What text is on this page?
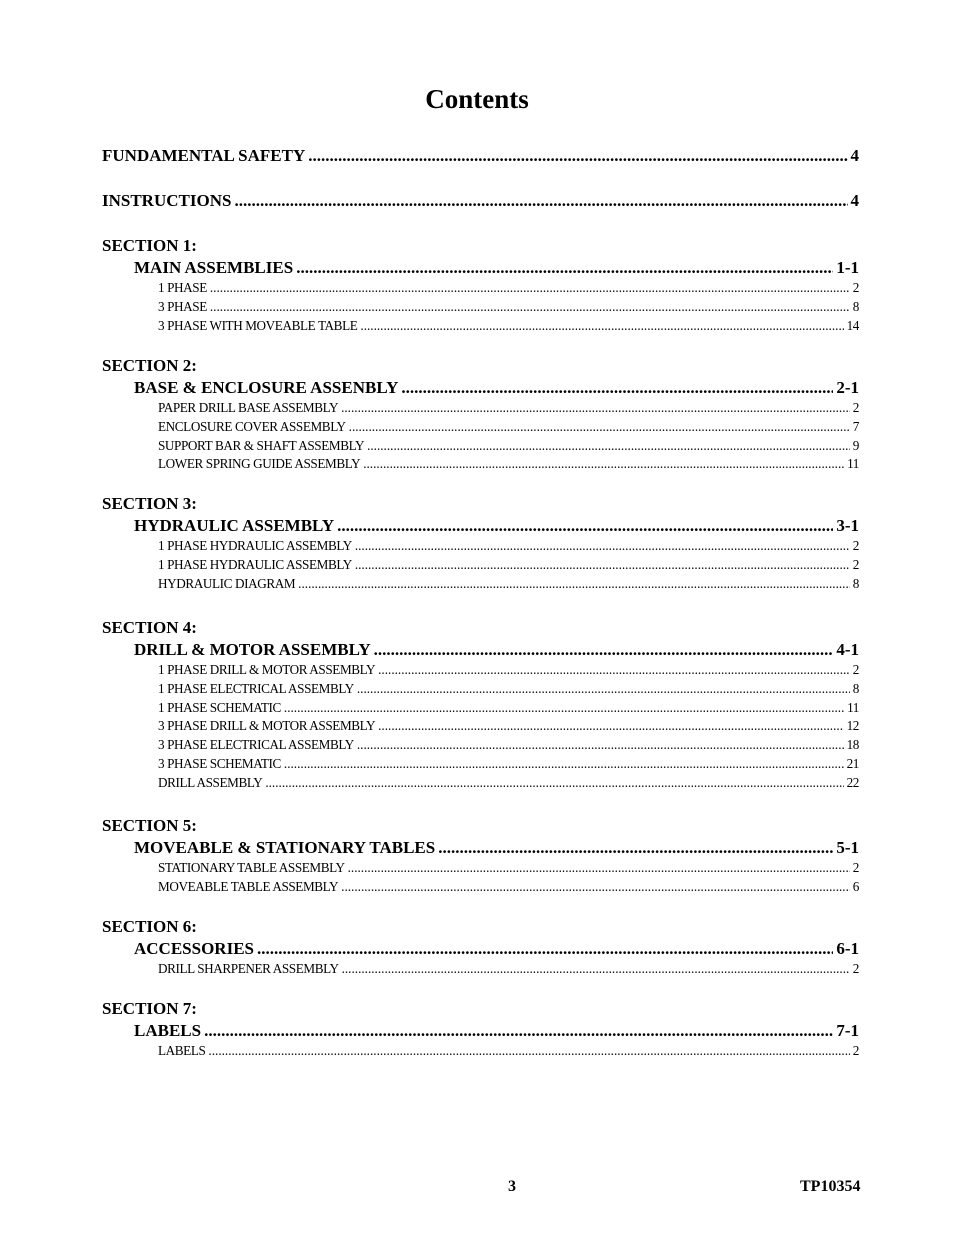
Contents
FUNDAMENTAL SAFETY .....	4
INSTRUCTIONS .....	4
SECTION 1:
MAIN ASSEMBLIES .....	1-1
1 PHASE .....	2
3 PHASE .....	8
3 PHASE WITH MOVEABLE TABLE .....	14
SECTION 2:
BASE & ENCLOSURE ASSENBLY .....	2-1
PAPER DRILL BASE ASSEMBLY .....	2
ENCLOSURE COVER ASSEMBLY .....	7
SUPPORT BAR & SHAFT ASSEMBLY .....	9
LOWER SPRING GUIDE ASSEMBLY .....	11
SECTION 3:
HYDRAULIC ASSEMBLY .....	3-1
1 PHASE HYDRAULIC ASSEMBLY .....	2
1 PHASE HYDRAULIC ASSEMBLY .....	2
HYDRAULIC DIAGRAM .....	8
SECTION 4:
DRILL & MOTOR ASSEMBLY .....	4-1
1 PHASE DRILL & MOTOR ASSEMBLY .....	2
1 PHASE ELECTRICAL ASSEMBLY .....	8
1 PHASE SCHEMATIC .....	11
3 PHASE DRILL & MOTOR ASSEMBLY .....	12
3 PHASE ELECTRICAL ASSEMBLY .....	18
3 PHASE SCHEMATIC .....	21
DRILL ASSEMBLY .....	22
SECTION 5:
MOVEABLE & STATIONARY TABLES .....	5-1
STATIONARY TABLE ASSEMBLY .....	2
MOVEABLE TABLE ASSEMBLY .....	6
SECTION 6:
ACCESSORIES .....	6-1
DRILL SHARPENER ASSEMBLY .....	2
SECTION 7:
LABELS .....	7-1
LABELS .....	2
3	TP10354
